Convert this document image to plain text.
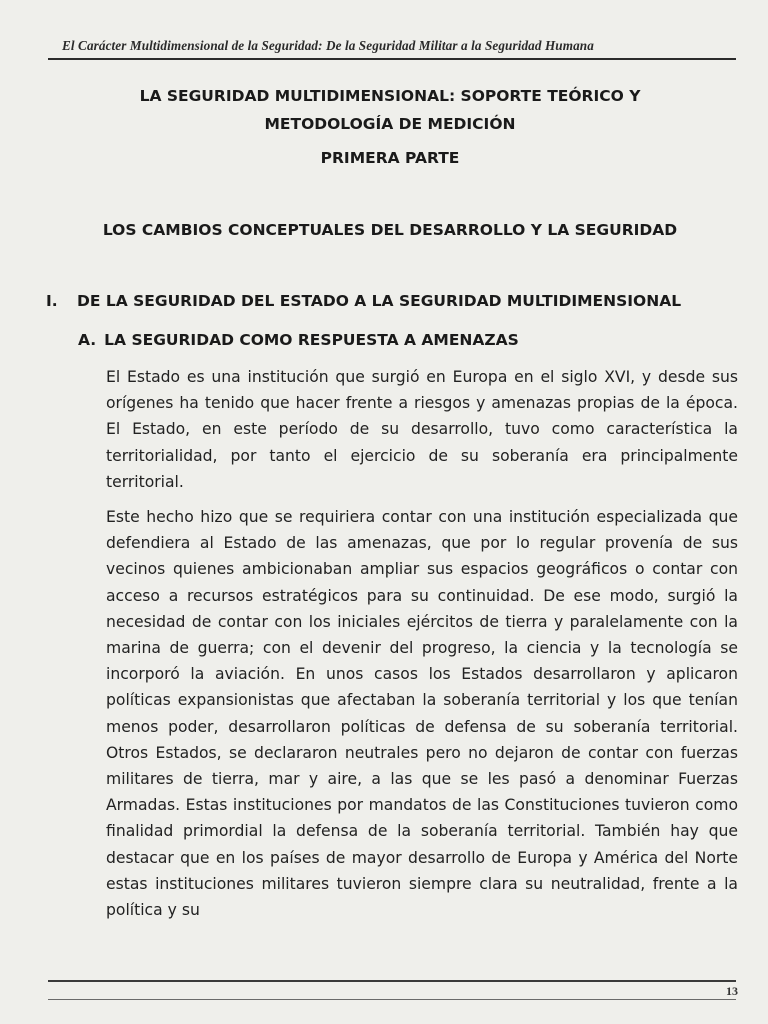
El Carácter Multidimensional de la Seguridad: De la Seguridad Militar a la Seguridad Humana
LA SEGURIDAD MULTIDIMENSIONAL: SOPORTE TEÓRICO Y
METODOLOGÍA DE MEDICIÓN
PRIMERA PARTE
LOS CAMBIOS CONCEPTUALES DEL DESARROLLO Y LA SEGURIDAD
I. DE LA SEGURIDAD DEL ESTADO A LA SEGURIDAD MULTIDIMENSIONAL
A. LA SEGURIDAD COMO RESPUESTA A AMENAZAS

El Estado es una institución que surgió en Europa en el siglo XVI, y desde sus orígenes ha tenido que hacer frente a riesgos y amenazas propias de la época. El Estado, en este período de su desarrollo, tuvo como característica la territorialidad, por tanto el ejercicio de su soberanía era principalmente territorial.

Este hecho hizo que se requiriera contar con una institución especializada que defendiera al Estado de las amenazas, que por lo regular provenía de sus vecinos quienes ambicionaban ampliar sus espacios geográficos o contar con acceso a recursos estratégicos para su continuidad. De ese modo, surgió la necesidad de contar con los iniciales ejércitos de tierra y paralelamente con la marina de guerra; con el devenir del progreso, la ciencia y la tecnología se incorporó la aviación. En unos casos los Estados desarrollaron y aplicaron políticas expansionistas que afectaban la soberanía territorial y los que tenían menos poder, desarrollaron políticas de defensa de su soberanía territorial. Otros Estados, se declararon neutrales pero no dejaron de contar con fuerzas militares de tierra, mar y aire, a las que se les pasó a denominar Fuerzas Armadas. Estas instituciones por mandatos de las Constituciones tuvieron como finalidad primordial la defensa de la soberanía territorial. También hay que destacar que en los países de mayor desarrollo de Europa y América del Norte estas instituciones militares tuvieron siempre clara su neutralidad, frente a la política y su

13
